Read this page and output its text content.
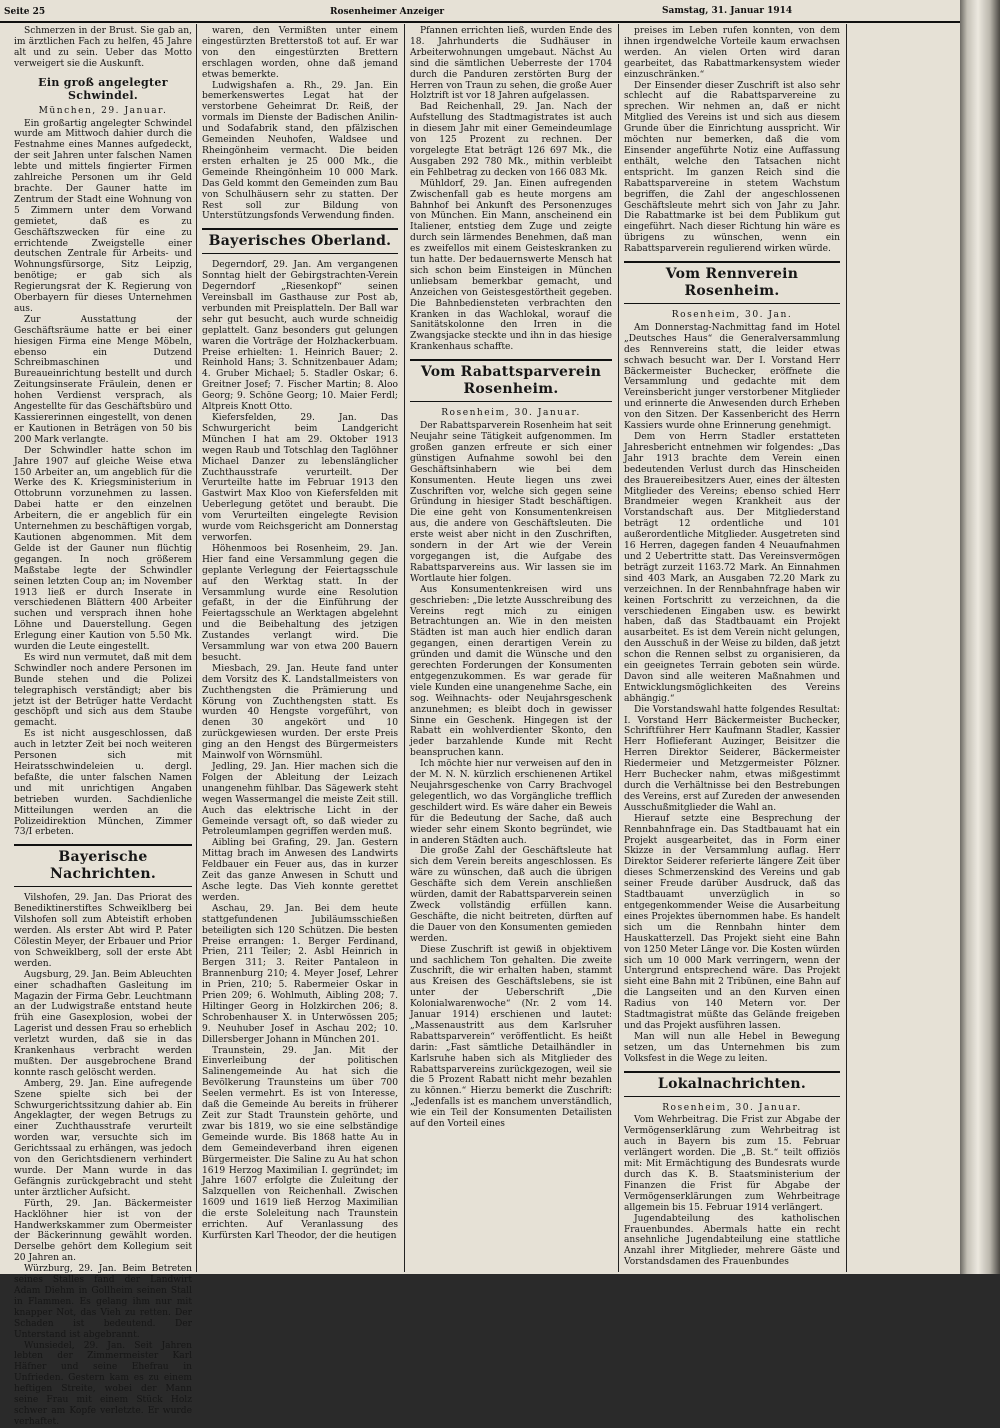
Seite 25	Rosenheimer Anzeiger	Samstag, 31. Januar 1914

Schmerzen in der Brust. Sie gab an, im ärztlichen Fach zu helfen, 45 Jahre alt und zu sein. Ueber das Motto verweigert sie die Auskunft.

Ein groß angelegter Schwindel.
München, 29. Januar.

Ein großartig angelegter Schwindel wurde am Mittwoch dahier durch die Festnahme eines Mannes aufgedeckt, der seit Jahren unter falschen Namen lebte und mittels fingierter Firmen zahlreiche Personen um ihr Geld brachte. Der Gauner hatte im Zentrum der Stadt eine Wohnung von 5 Zimmern unter dem Vorwand gemietet, daß es zu Geschäftszwecken für eine zu errichtende Zweigstelle einer deutschen Zentrale für Arbeits- und Wohnungsfürsorge, Sitz Leipzig, benötige; er gab sich als Regierungsrat der K. Regierung von Oberbayern für dieses Unternehmen aus.

Zur Ausstattung der Geschäftsräume hatte er bei einer hiesigen Firma eine Menge Möbeln, ebenso ein Dutzend Schreibmaschinen und Bureaueinrichtung bestellt und durch Zeitungsinserate Fräulein, denen er hohen Verdienst versprach, als Angestellte für das Geschäftsbüro und Kassiererinnen eingestellt, von denen er Kautionen in Beträgen von 50 bis 200 Mark verlangte.

Der Schwindler hatte schon im Jahre 1907 auf gleiche Weise etwa 150 Arbeiter an, um angeblich für die Werke des K. Kriegsministerium in Ottobrunn vorzunehmen zu lassen. Dabei hatte er den einzelnen Arbeitern, die er angeblich für ein Unternehmen zu beschäftigen vorgab, Kautionen abgenommen. Mit dem Gelde ist der Gauner nun flüchtig gegangen. In noch größerem Maßstabe legte der Schwindler seinen letzten Coup an; im November 1913 ließ er durch Inserate in verschiedenen Blättern 400 Arbeiter suchen und versprach ihnen hohe Löhne und Dauerstellung. Gegen Erlegung einer Kaution von 5.50 Mk. wurden die Leute eingestellt.

Es wird nun vermutet, daß mit dem Schwindler noch andere Personen im Bunde stehen und die Polizei telegraphisch verständigt; aber bis jetzt ist der Betrüger hatte Verdacht geschöpft und sich aus dem Staube gemacht.

Es ist nicht ausgeschlossen, daß auch in letzter Zeit bei noch weiteren Personen sich mit Heiratsschwindeleien u. dergl. befaßte, die unter falschen Namen und mit unrichtigen Angaben betrieben wurden. Sachdienliche Mitteilungen werden an die Polizeidirektion München, Zimmer 73/I erbeten.

Bayerische Nachrichten.

Vilshofen, 29. Jan. Das Priorat des Benediktinerstiftes Schweiklberg bei Vilshofen soll zum Abteistift erhoben werden. Als erster Abt wird P. Pater Cölestin Meyer, der Erbauer und Prior von Schweiklberg, soll der erste Abt werden.

Augsburg, 29. Jan. Beim Ableuchten einer schadhaften Gasleitung im Magazin der Firma Gebr. Leuchtmann an der Ludwigstraße entstand heute früh eine Gasexplosion, wobei der Lagerist und dessen Frau so erheblich verletzt wurden, daß sie in das Krankenhaus verbracht werden mußten. Der ausgebrochene Brand konnte rasch gelöscht werden.

Amberg, 29. Jan. Eine aufregende Szene spielte sich bei der Schwurgerichtssitzung dahier ab. Ein Angeklagter, der wegen Betrugs zu einer Zuchthausstrafe verurteilt worden war, versuchte sich im Gerichtssaal zu erhängen, was jedoch von den Gerichtsdienern verhindert wurde. Der Mann wurde in das Gefängnis zurückgebracht und steht unter ärztlicher Aufsicht.

Fürth, 29. Jan. Bäckermeister Hacklöhner hier ist von der Handwerkskammer zum Obermeister der Bäckerinnung gewählt worden. Derselbe gehört dem Kollegium seit 20 Jahren an.

Würzburg, 29. Jan. Beim Betreten seines Stalles fand der Landwirt Adam Diehm in Gollheim seinen Stall in Flammen. Es gelang ihm nur mit knapper Not, das Vieh zu retten. Der Schaden ist bedeutend. Der Unterstand ist abgebrannt.

Wunsiedel, 29. Jan. Seit Jahren lebten der Zimmermeister Karl Häfner und seine Ehefrau in Unfrieden. Gestern kam es zu einem heftigen Streite, wobei der Mann seine Frau mit einem Stück Holz schwer am Kopfe verletzte. Er wurde verhaftet.

waren, den Vermißten unter einem eingestürzten Bretterstoß tot auf. Er war von den eingestürzten Brettern erschlagen worden, ohne daß jemand etwas bemerkte.

Ludwigshafen a. Rh., 29. Jan. Ein bemerkenswertes Legat hat der verstorbene Geheimrat Dr. Reiß, der vormals im Dienste der Badischen Anilin- und Sodafabrik stand, den pfälzischen Gemeinden Neuhofen, Waldsee und Rheingönheim vermacht. Die beiden ersten erhalten je 25 000 Mk., die Gemeinde Rheingönheim 10 000 Mark. Das Geld kommt den Gemeinden zum Bau von Schulhäusern sehr zu statten. Der Rest soll zur Bildung von Unterstützungsfonds Verwendung finden.

Bayerisches Oberland.

Degerndorf, 29. Jan. Am vergangenen Sonntag hielt der Gebirgstrachten-Verein Degerndorf „Riesenkopf“ seinen Vereinsball im Gasthause zur Post ab, verbunden mit Preisplatteln. Der Ball war sehr gut besucht, auch wurde schneidig geplattelt. Ganz besonders gut gelungen waren die Vorträge der Holzhackerbuam. Preise erhielten: 1. Heinrich Bauer; 2. Reinhold Hans; 3. Schnitzenbauer Adam; 4. Gruber Michael; 5. Stadler Oskar; 6. Greitner Josef; 7. Fischer Martin; 8. Aloo Georg; 9. Schöne Georg; 10. Maier Ferdl; Altpreis Knott Otto.

Kiefersfelden, 29. Jan. Das Schwurgericht beim Landgericht München I hat am 29. Oktober 1913 wegen Raub und Totschlag den Taglöhner Michael Danzer zu lebenslänglicher Zuchthausstrafe verurteilt. Der Verurteilte hatte im Februar 1913 den Gastwirt Max Kloo von Kiefersfelden mit Ueberlegung getötet und beraubt. Die vom Verurteilten eingelegte Revision wurde vom Reichsgericht am Donnerstag verworfen.

Höhenmoos bei Rosenheim, 29. Jan. Hier fand eine Versammlung gegen die geplante Verlegung der Feiertagsschule auf den Werktag statt. In der Versammlung wurde eine Resolution gefaßt, in der die Einführung der Feiertagsschule an Werktagen abgelehnt und die Beibehaltung des jetzigen Zustandes verlangt wird. Die Versammlung war von etwa 200 Bauern besucht.

Miesbach, 29. Jan. Heute fand unter dem Vorsitz des K. Landstallmeisters von Zuchthengsten die Prämierung und Körung von Zuchthengsten statt. Es wurden 40 Hengste vorgeführt, von denen 30 angekört und 10 zurückgewiesen wurden. Der erste Preis ging an den Hengst des Bürgermeisters Mainwolf von Wörnsmühl.

Jedling, 29. Jan. Hier machen sich die Folgen der Ableitung der Leizach unangenehm fühlbar. Das Sägewerk steht wegen Wassermangel die meiste Zeit still. Auch das elektrische Licht in der Gemeinde versagt oft, so daß wieder zu Petroleumlampen gegriffen werden muß.

Aibling bei Grafing, 29. Jan. Gestern Mittag brach im Anwesen des Landwirts Feldbauer ein Feuer aus, das in kurzer Zeit das ganze Anwesen in Schutt und Asche legte. Das Vieh konnte gerettet werden.

Aschau, 29. Jan. Bei dem heute stattgefundenen Jubiläumsschießen beteiligten sich 120 Schützen. Die besten Preise errangen: 1. Berger Ferdinand, Prien, 211 Teiler; 2. Asbl Heinrich in Bergen 311; 3. Reiter Pantaleon in Brannenburg 210; 4. Meyer Josef, Lehrer in Prien, 210; 5. Rabermeier Oskar in Prien 209; 6. Wohlmuth, Aibling 208; 7. Hiltinger Georg in Holzkirchen 206; 8. Schrobenhauser X. in Unterwössen 205; 9. Neuhuber Josef in Aschau 202; 10. Dillersberger Johann in München 201.

Traunstein, 29. Jan. Mit der Einverleibung der politischen Salinengemeinde Au hat sich die Bevölkerung Traunsteins um über 700 Seelen vermehrt. Es ist von Interesse, daß die Gemeinde Au bereits in früherer Zeit zur Stadt Traunstein gehörte, und zwar bis 1819, wo sie eine selbständige Gemeinde wurde. Bis 1868 hatte Au in dem Gemeindeverband ihren eigenen Bürgermeister. Die Saline zu Au hat schon 1619 Herzog Maximilian I. gegründet; im Jahre 1607 erfolgte die Zuleitung der Salzquellen von Reichenhall. Zwischen 1609 und 1619 ließ Herzog Maximilian die erste Soleleitung nach Traunstein errichten. Auf Veranlassung des Kurfürsten Karl Theodor, der die heutigen

Pfannen errichten ließ, wurden Ende des 18. Jahrhunderts die Sudhäuser in Arbeiterwohnungen umgebaut. Nächst Au sind die sämtlichen Ueberreste der 1704 durch die Panduren zerstörten Burg der Herren von Traun zu sehen, die große Auer Holztrift ist vor 18 Jahren aufgelassen.

Bad Reichenhall, 29. Jan. Nach der Aufstellung des Stadtmagistrates ist auch in diesem Jahr mit einer Gemeindeumlage von 125 Prozent zu rechnen. Der vorgelegte Etat beträgt 126 697 Mk., die Ausgaben 292 780 Mk., mithin verbleibt ein Fehlbetrag zu decken von 166 083 Mk.

Mühldorf, 29. Jan. Einen aufregenden Zwischenfall gab es heute morgens am Bahnhof bei Ankunft des Personenzuges von München. Ein Mann, anscheinend ein Italiener, entstieg dem Zuge und zeigte durch sein lärmendes Benehmen, daß man es zweifellos mit einem Geisteskranken zu tun hatte. Der bedauernswerte Mensch hat sich schon beim Einsteigen in München unliebsam bemerkbar gemacht, und Anzeichen von Geistesgestörtheit gegeben. Die Bahnbediensteten verbrachten den Kranken in das Wachlokal, worauf die Sanitätskolonne den Irren in die Zwangsjacke steckte und ihn in das hiesige Krankenhaus schaffte.

Vom Rabattsparverein Rosenheim.
Rosenheim, 30. Januar.

Der Rabattsparverein Rosenheim hat seit Neujahr seine Tätigkeit aufgenommen. Im großen ganzen erfreute er sich einer günstigen Aufnahme sowohl bei den Geschäftsinhabern wie bei dem Konsumenten. Heute liegen uns zwei Zuschriften vor, welche sich gegen seine Gründung in hiesiger Stadt beschäftigen. Die eine geht von Konsumentenkreisen aus, die andere von Geschäftsleuten. Die erste weist aber nicht in den Zuschriften, sondern in der Art wie der Verein vorgegangen ist, die Aufgabe des Rabattsparvereins aus. Wir lassen sie im Wortlaute hier folgen.

Aus Konsumentenkreisen wird uns geschrieben: „Die letzte Ausschreibung des Vereins regt mich zu einigen Betrachtungen an. Wie in den meisten Städten ist man auch hier endlich daran gegangen, einen derartigen Verein zu gründen und damit die Wünsche und den gerechten Forderungen der Konsumenten entgegenzukommen. Es war gerade für viele Kunden eine unangenehme Sache, ein sog. Weihnachts- oder Neujahrsgeschenk anzunehmen; es bleibt doch in gewisser Sinne ein Geschenk. Hingegen ist der Rabatt ein wohlverdienter Skonto, den jeder barzahlende Kunde mit Recht beanspruchen kann.

Ich möchte hier nur verweisen auf den in der M. N. N. kürzlich erschienenen Artikel Neujahrsgeschenke von Carry Brachvogel gelegentlich, wo das Vorgängliche trefflich geschildert wird. Es wäre daher ein Beweis für die Bedeutung der Sache, daß auch wieder sehr einem Skonto begründet, wie in anderen Städten auch.

Die große Zahl der Geschäftsleute hat sich dem Verein bereits angeschlossen. Es wäre zu wünschen, daß auch die übrigen Geschäfte sich dem Verein anschließen würden, damit der Rabattsparverein seinen Zweck vollständig erfüllen kann. Geschäfte, die nicht beitreten, dürften auf die Dauer von den Konsumenten gemieden werden.

Diese Zuschrift ist gewiß in objektivem und sachlichem Ton gehalten. Die zweite Zuschrift, die wir erhalten haben, stammt aus Kreisen des Geschäftslebens, sie ist unter der Ueberschrift „Die Kolonialwarenwoche“ (Nr. 2 vom 14. Januar 1914) erschienen und lautet: „Massenaustritt aus dem Karlsruher Rabattsparverein“ veröffentlicht. Es heißt darin: „Fast sämtliche Detailhändler in Karlsruhe haben sich als Mitglieder des Rabattsparvereins zurückgezogen, weil sie die 5 Prozent Rabatt nicht mehr bezahlen zu können.“ Hierzu bemerkt die Zuschrift: „Jedenfalls ist es manchem unverständlich, wie ein Teil der Konsumenten Detailisten auf den Vorteil eines

preises im Leben rufen konnten, von dem ihnen irgendwelche Vorteile kaum erwachsen werden. An vielen Orten wird daran gearbeitet, das Rabattmarkensystem wieder einzuschränken.“

Der Einsender dieser Zuschrift ist also sehr schlecht auf die Rabattsparvereine zu sprechen. Wir nehmen an, daß er nicht Mitglied des Vereins ist und sich aus diesem Grunde über die Einrichtung ausspricht. Wir möchten nur bemerken, daß die vom Einsender angeführte Notiz eine Auffassung enthält, welche den Tatsachen nicht entspricht. Im ganzen Reich sind die Rabattsparvereine in stetem Wachstum begriffen, die Zahl der angeschlossenen Geschäftsleute mehrt sich von Jahr zu Jahr. Die Rabattmarke ist bei dem Publikum gut eingeführt. Nach dieser Richtung hin wäre es übrigens zu wünschen, wenn ein Rabattsparverein regulierend wirken würde.

Vom Rennverein Rosenheim.
Rosenheim, 30. Jan.

Am Donnerstag-Nachmittag fand im Hotel „Deutsches Haus“ die Generalversammlung des Rennvereins statt, die leider etwas schwach besucht war. Der I. Vorstand Herr Bäckermeister Buchecker, eröffnete die Versammlung und gedachte mit dem Vereinsbericht junger verstorbener Mitglieder und erinnerte die Anwesenden durch Erheben von den Sitzen. Der Kassenbericht des Herrn Kassiers wurde ohne Erinnerung genehmigt.

Dem von Herrn Stadler erstatteten Jahresbericht entnehmen wir folgendes: „Das Jahr 1913 brachte dem Verein einen bedeutenden Verlust durch das Hinscheiden des Brauereibesitzers Auer, eines der ältesten Mitglieder des Vereins; ebenso schied Herr Brandmeier wegen Krankheit aus der Vorstandschaft aus. Der Mitgliederstand beträgt 12 ordentliche und 101 außerordentliche Mitglieder. Ausgetreten sind 16 Herren, dagegen fanden 4 Neuaufnahmen und 2 Uebertritte statt. Das Vereinsvermögen beträgt zurzeit 1163.72 Mark. An Einnahmen sind 403 Mark, an Ausgaben 72.20 Mark zu verzeichnen. In der Rennbahnfrage haben wir keinen Fortschritt zu verzeichnen, da die verschiedenen Eingaben usw. es bewirkt haben, daß das Stadtbauamt ein Projekt ausarbeitet. Es ist dem Verein nicht gelungen, den Ausschuß in der Weise zu bilden, daß jetzt schon die Rennen selbst zu organisieren, da ein geeignetes Terrain geboten sein würde. Davon sind alle weiteren Maßnahmen und Entwicklungsmöglichkeiten des Vereins abhängig.“

Die Vorstandswahl hatte folgendes Resultat: I. Vorstand Herr Bäckermeister Buchecker, Schriftführer Herr Kaufmann Stadler, Kassier Herr Hoflieferant Auzinger, Beisitzer die Herren Direktor Seiderer, Bäckermeister Riedermeier und Metzgermeister Pölzner. Herr Buchecker nahm, etwas mißgestimmt durch die Verhältnisse bei den Bestrebungen des Vereins, erst auf Zureden der anwesenden Ausschußmitglieder die Wahl an.

Hierauf setzte eine Besprechung der Rennbahnfrage ein. Das Stadtbauamt hat ein Projekt ausgearbeitet, das in Form einer Skizze in der Versammlung auflag. Herr Direktor Seiderer referierte längere Zeit über dieses Schmerzenskind des Vereins und gab seiner Freude darüber Ausdruck, daß das Stadtbauamt unverzüglich in so entgegenkommender Weise die Ausarbeitung eines Projektes übernommen habe. Es handelt sich um die Rennbahn hinter dem Hauskatterzell. Das Projekt sieht eine Bahn von 1250 Meter Länge vor. Die Kosten würden sich um 10 000 Mark verringern, wenn der Untergrund entsprechend wäre. Das Projekt sieht eine Bahn mit 2 Tribünen, eine Bahn auf die Langseiten und an den Kurven einen Radius von 140 Metern vor. Der Stadtmagistrat müßte das Gelände freigeben und das Projekt ausführen lassen.

Man will nun alle Hebel in Bewegung setzen, um das Unternehmen bis zum Volksfest in die Wege zu leiten.

Lokalnachrichten.
Rosenheim, 30. Januar.

Vom Wehrbeitrag. Die Frist zur Abgabe der Vermögenserklärung zum Wehrbeitrag ist auch in Bayern bis zum 15. Februar verlängert worden. Die „B. St.“ teilt offiziös mit: Mit Ermächtigung des Bundesrats wurde durch das K. B. Staatsministerium der Finanzen die Frist für Abgabe der Vermögenserklärungen zum Wehrbeitrage allgemein bis 15. Februar 1914 verlängert.

Jugendabteilung des katholischen Frauenbundes. Abermals hatte ein recht ansehnliche Jugendabteilung eine stattliche Anzahl ihrer Mitglieder, mehrere Gäste und Vorstandsdamen des Frauenbundes
